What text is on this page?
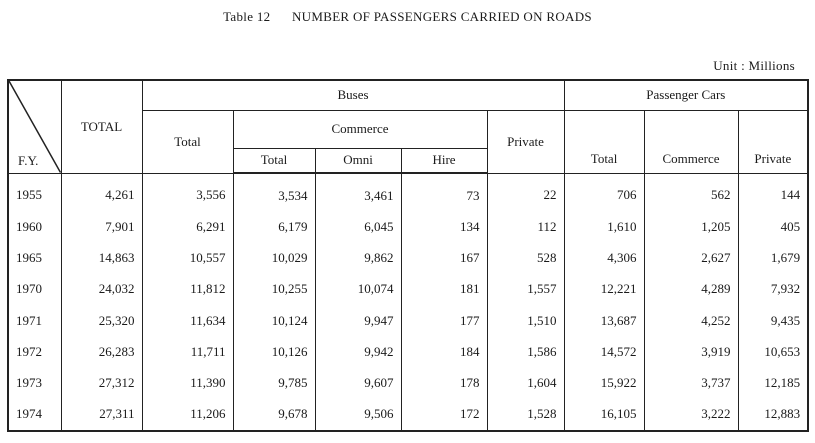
Table 12 NUMBER OF PASSENGERS CARRIED ON ROADS
Unit : Millions
F.Y.	TOTAL	Buses					Passenger Cars		
		Total	Commerce			Private	Total	Commerce	Private
			Total	Omni	Hire				
1955	4,261	3,556	3,534	3,461	73	22	706	562	144
1960	7,901	6,291	6,179	6,045	134	112	1,610	1,205	405
1965	14,863	10,557	10,029	9,862	167	528	4,306	2,627	1,679
1970	24,032	11,812	10,255	10,074	181	1,557	12,221	4,289	7,932
1971	25,320	11,634	10,124	9,947	177	1,510	13,687	4,252	9,435
1972	26,283	11,711	10,126	9,942	184	1,586	14,572	3,919	10,653
1973	27,312	11,390	9,785	9,607	178	1,604	15,922	3,737	12,185
1974	27,311	11,206	9,678	9,506	172	1,528	16,105	3,222	12,883
